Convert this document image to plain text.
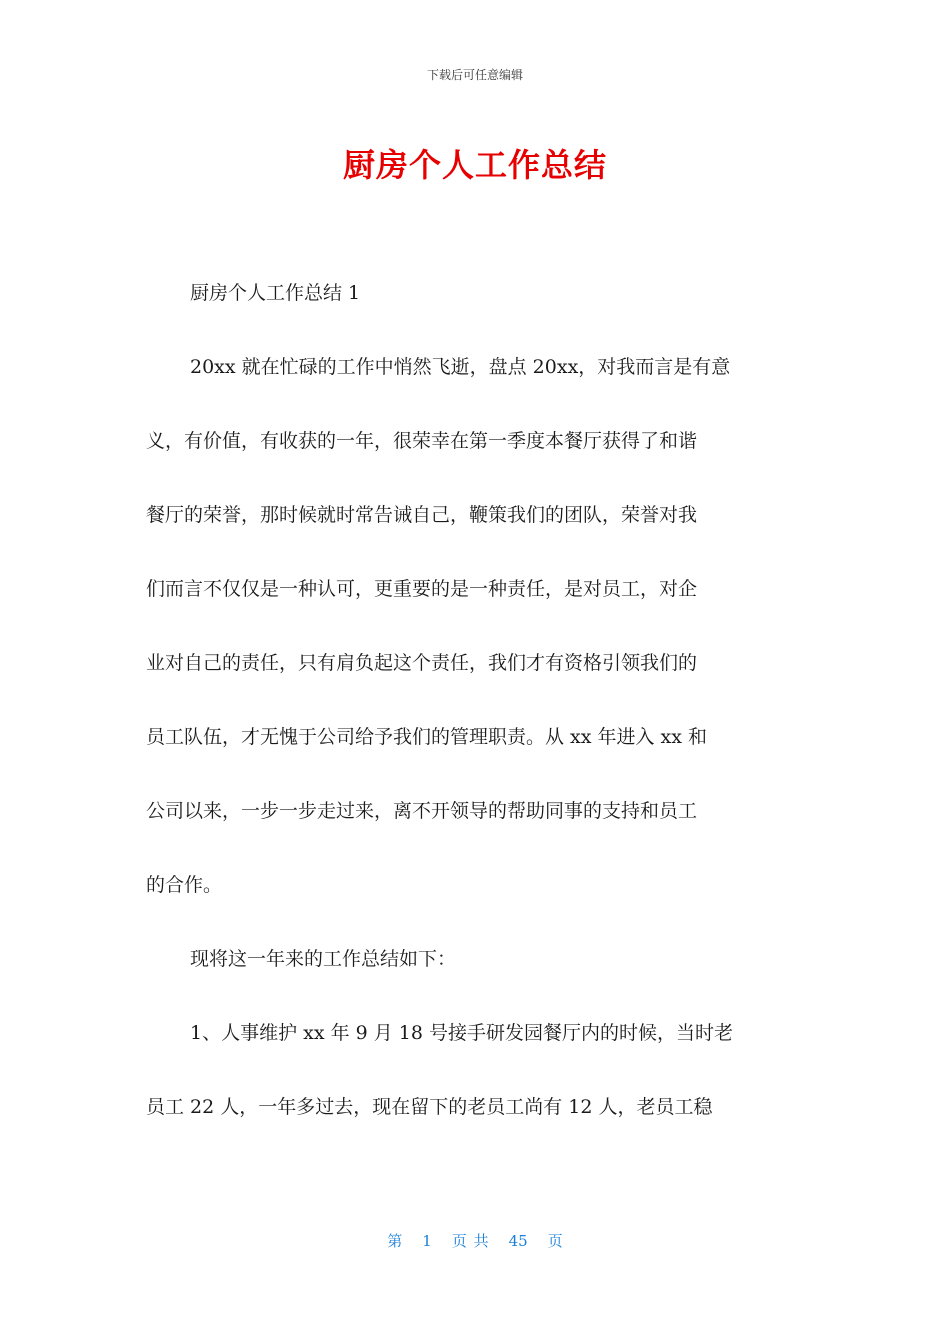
下载后可任意编辑
厨房个人工作总结

厨房个人工作总结 1

20xx 就在忙碌的工作中悄然飞逝，盘点 20xx，对我而言是有意
义，有价值，有收获的一年，很荣幸在第一季度本餐厅获得了和谐
餐厅的荣誉，那时候就时常告诫自己，鞭策我们的团队，荣誉对我
们而言不仅仅是一种认可，更重要的是一种责任，是对员工，对企
业对自己的责任，只有肩负起这个责任，我们才有资格引领我们的
员工队伍，才无愧于公司给予我们的管理职责。从 xx 年进入 xx 和
公司以来，一步一步走过来，离不开领导的帮助同事的支持和员工
的合作。

现将这一年来的工作总结如下：

1、人事维护 xx 年 9 月 18 号接手研发园餐厅内的时候，当时老
员工 22 人，一年多过去，现在留下的老员工尚有 12 人，老员工稳

第 1 页 共 45 页
